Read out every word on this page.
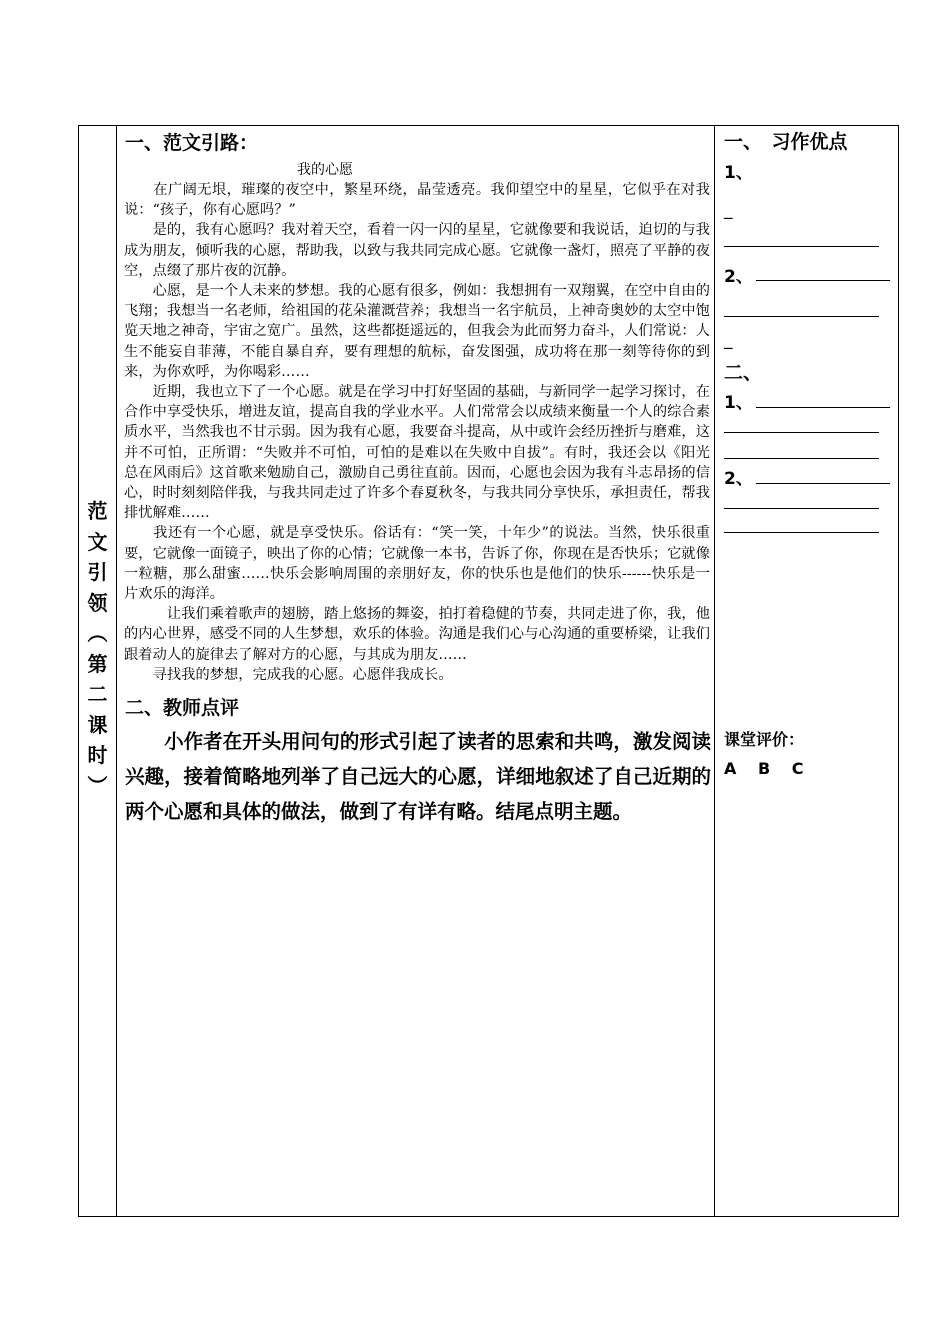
范
文
引
领
︵
第
二
课
时
︶
一、范文引路：
我的心愿

　　在广阔无垠，璀璨的夜空中，繁星环绕，晶莹透亮。我仰望空中的星星，它似乎在对我说：“孩子，你有心愿吗？”

　　是的，我有心愿吗？我对着天空，看着一闪一闪的星星，它就像要和我说话，迫切的与我成为朋友，倾听我的心愿，帮助我，以致与我共同完成心愿。它就像一盏灯，照亮了平静的夜空，点缀了那片夜的沉静。

　　心愿，是一个人未来的梦想。我的心愿有很多，例如：我想拥有一双翔翼，在空中自由的飞翔；我想当一名老师，给祖国的花朵灌溉营养；我想当一名宇航员，上神奇奥妙的太空中饱览天地之神奇，宇宙之宽广。虽然，这些都挺遥远的，但我会为此而努力奋斗，人们常说：人生不能妄自菲薄，不能自暴自弃，要有理想的航标，奋发图强，成功将在那一刻等待你的到来，为你欢呼，为你喝彩……

　　近期，我也立下了一个心愿。就是在学习中打好坚固的基础，与新同学一起学习探讨，在合作中享受快乐，增进友谊，提高自我的学业水平。人们常常会以成绩来衡量一个人的综合素质水平，当然我也不甘示弱。因为我有心愿，我要奋斗提高，从中或许会经历挫折与磨难，这并不可怕，正所谓：“失败并不可怕，可怕的是难以在失败中自拔”。有时，我还会以《阳光总在风雨后》这首歌来勉励自己，激励自己勇往直前。因而，心愿也会因为我有斗志昂扬的信心，时时刻刻陪伴我，与我共同走过了许多个春夏秋冬，与我共同分享快乐，承担责任，帮我排忧解难……

　　我还有一个心愿，就是享受快乐。俗话有：“笑一笑，十年少”的说法。当然，快乐很重要，它就像一面镜子，映出了你的心情；它就像一本书，告诉了你，你现在是否快乐；它就像一粒糖，那么甜蜜……快乐会影响周围的亲朋好友，你的快乐也是他们的快乐------快乐是一片欢乐的海洋。

　　　让我们乘着歌声的翅膀，踏上悠扬的舞姿，拍打着稳健的节奏，共同走进了你，我，他的内心世界，感受不同的人生梦想，欢乐的体验。沟通是我们心与心沟通的重要桥梁，让我们跟着动人的旋律去了解对方的心愿，与其成为朋友……

　　寻找我的梦想，完成我的心愿。心愿伴我成长。

二、教师点评

　　小作者在开头用问句的形式引起了读者的思索和共鸣，激发阅读兴趣，接着简略地列举了自己远大的心愿，详细地叙述了自己近期的两个心愿和具体的做法，做到了有详有略。结尾点明主题。

一、　习作优点
1、
_
2、
_
二、
1、
2、
课堂评价：
A　 B　 C
